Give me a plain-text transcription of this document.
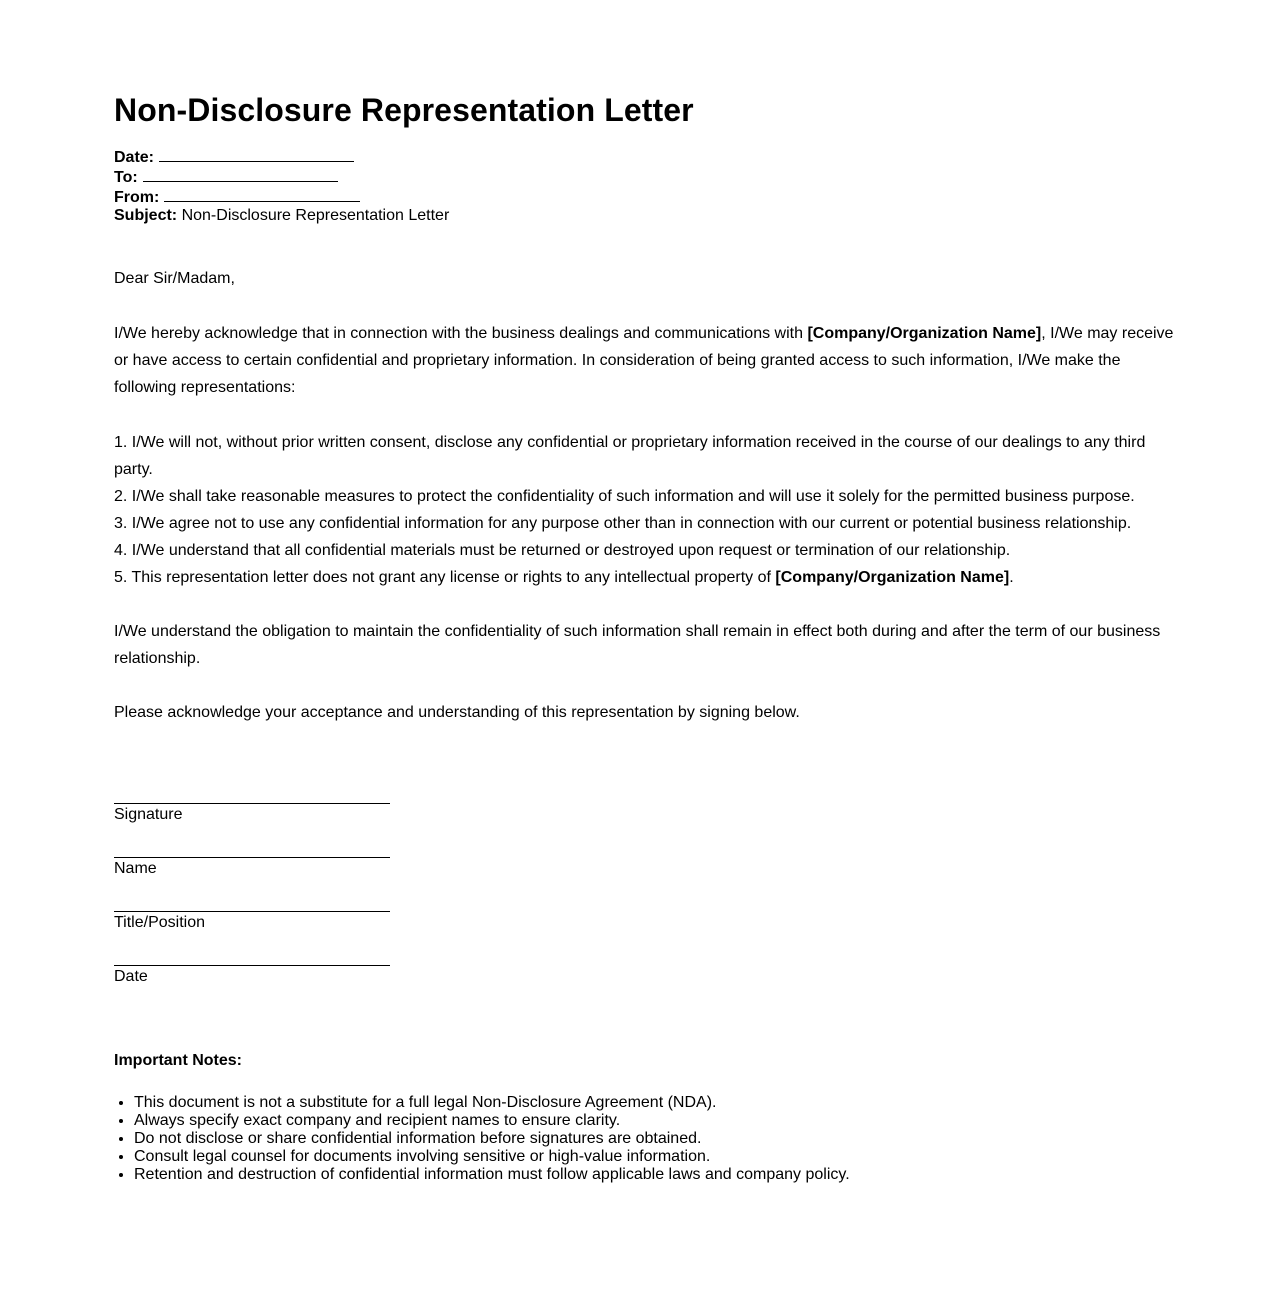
Non-Disclosure Representation Letter
Date:
To:
From:
Subject: Non-Disclosure Representation Letter

Dear Sir/Madam,

I/We hereby acknowledge that in connection with the business dealings and communications with [Company/Organization Name], I/We may receive or have access to certain confidential and proprietary information. In consideration of being granted access to such information, I/We make the following representations:

1. I/We will not, without prior written consent, disclose any confidential or proprietary information received in the course of our dealings to any third party.

2. I/We shall take reasonable measures to protect the confidentiality of such information and will use it solely for the permitted business purpose.

3. I/We agree not to use any confidential information for any purpose other than in connection with our current or potential business relationship.

4. I/We understand that all confidential materials must be returned or destroyed upon request or termination of our relationship.

5. This representation letter does not grant any license or rights to any intellectual property of [Company/Organization Name].

I/We understand the obligation to maintain the confidentiality of such information shall remain in effect both during and after the term of our business relationship.

Please acknowledge your acceptance and understanding of this representation by signing below.

Signature
Name
Title/Position
Date
Important Notes:
• This document is not a substitute for a full legal Non-Disclosure Agreement (NDA).
• Always specify exact company and recipient names to ensure clarity.
• Do not disclose or share confidential information before signatures are obtained.
• Consult legal counsel for documents involving sensitive or high-value information.
• Retention and destruction of confidential information must follow applicable laws and company policy.
